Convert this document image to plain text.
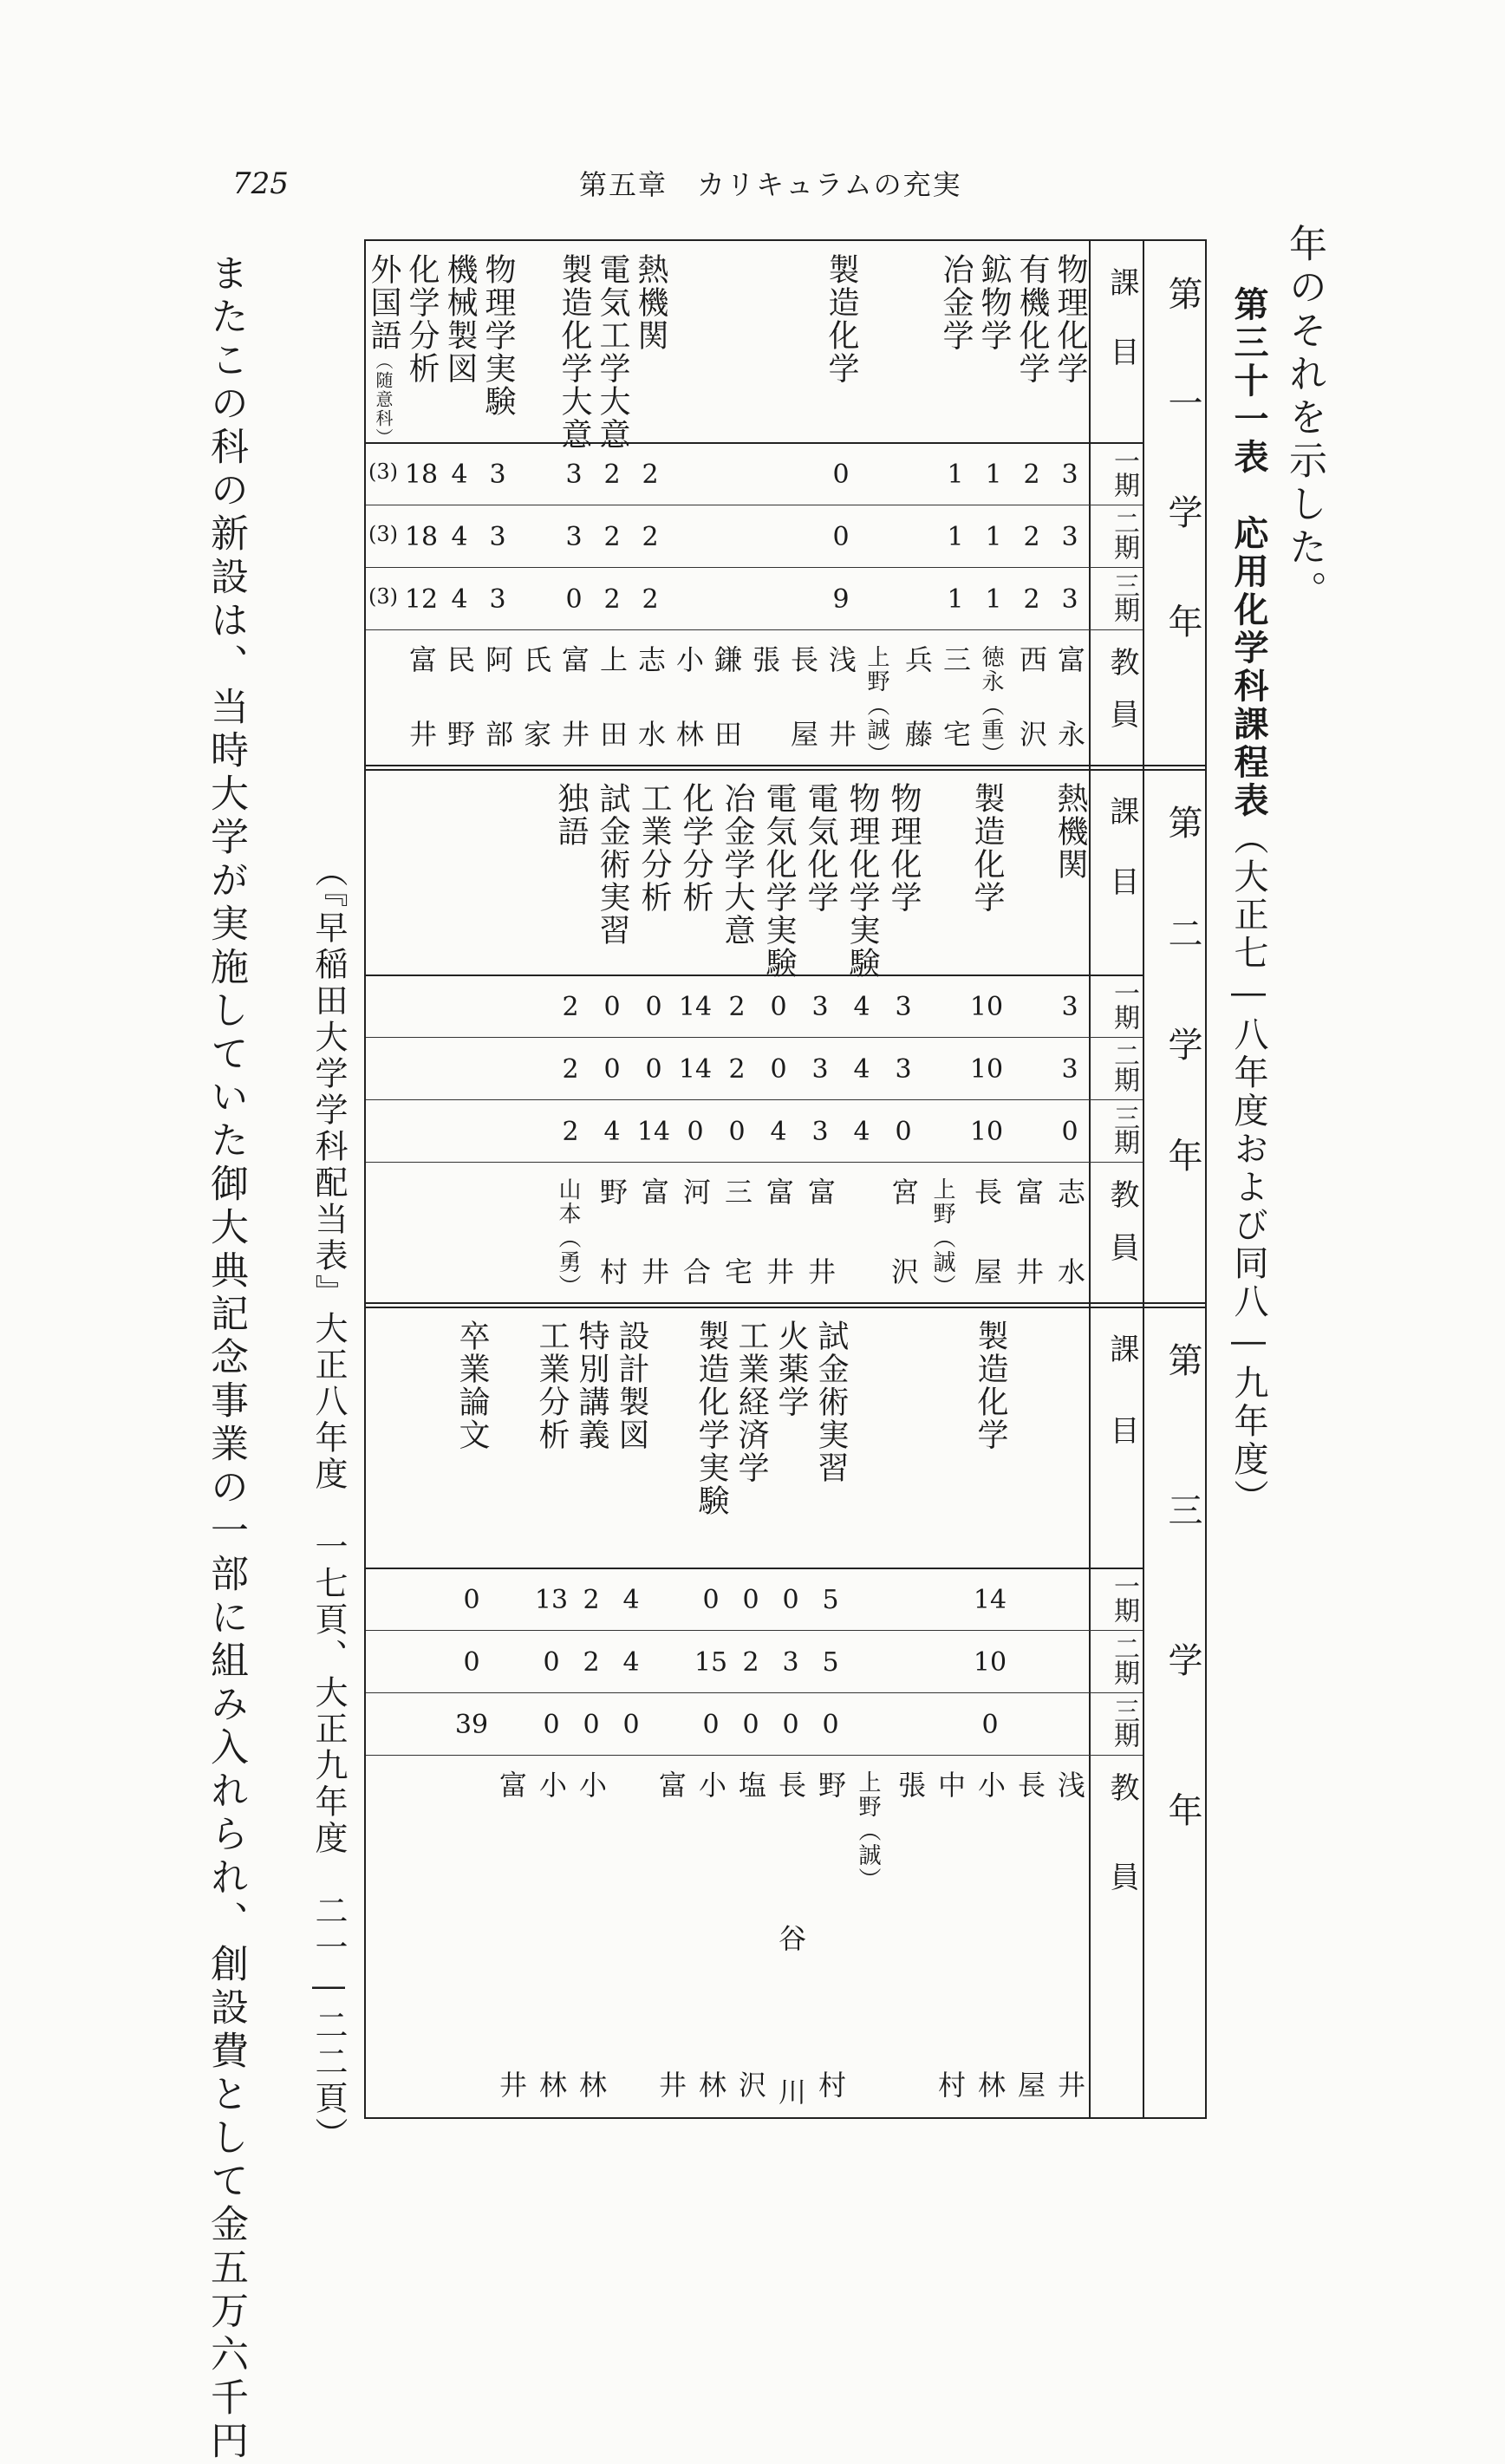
725	第五章　カリキュラムの充実
年のそれを示した。
第三十一表　応用化学科課程表（大正七―八年度および同八―九年度）
（『早稲田大学学科配当表』大正八年度　一七頁、大正九年度　二一―二二頁）
またこの科の新設は、当時大学が実施していた御大典記念事業の一部に組み入れられ、創設費として金五万六千円	第一学年
課目
一期
二期
三期
教員
物理化学
3
3
3
富永
有機化学
2
2
2
西沢
鉱物学
1
1
1
徳永（重）
冶金学
1
1
1
三宅
兵藤
上野（誠）
製造化学
0
0
9
浅井
長屋
張
鎌田
小林
熱機関
2
2
2
志水
電気工学大意
2
2
2
上田
製造化学大意
3
3
0
富井
氏家
物理学実験
3
3
3
阿部
機械製図
4
4
4
民野
化学分析
18
18
12
富井
外国語（随意科）
(3)
(3)
(3)
第二学年
課目
一期
二期
三期
教員
熱機関
3
3
0
志水
富井
製造化学
10
10
10
長屋
上野（誠）
物理化学
3
3
0
宮沢
物理化学実験
4
4
4
電気化学
3
3
3
富井
電気化学実験
0
0
4
富井
冶金学大意
2
2
0
三宅
化学分析
14
14
0
河合
工業分析
0
0
14
富井
試金術実習
0
0
4
野村
独語
2
2
2
山本（勇）
第三学年
課目
一期
二期
三期
教員
浅井
長屋
製造化学
14
10
0
小林
中村
張
上野（誠）
試金術実習
5
5
0
野村
火薬学
0
3
0
長谷川
工業経済学
0
2
0
塩沢
製造化学実験
0
15
0
小林
富井
設計製図
4
4
0
特別講義
2
2
0
小林
工業分析
13
0
0
小林
富井
卒業論文
0
0
39
